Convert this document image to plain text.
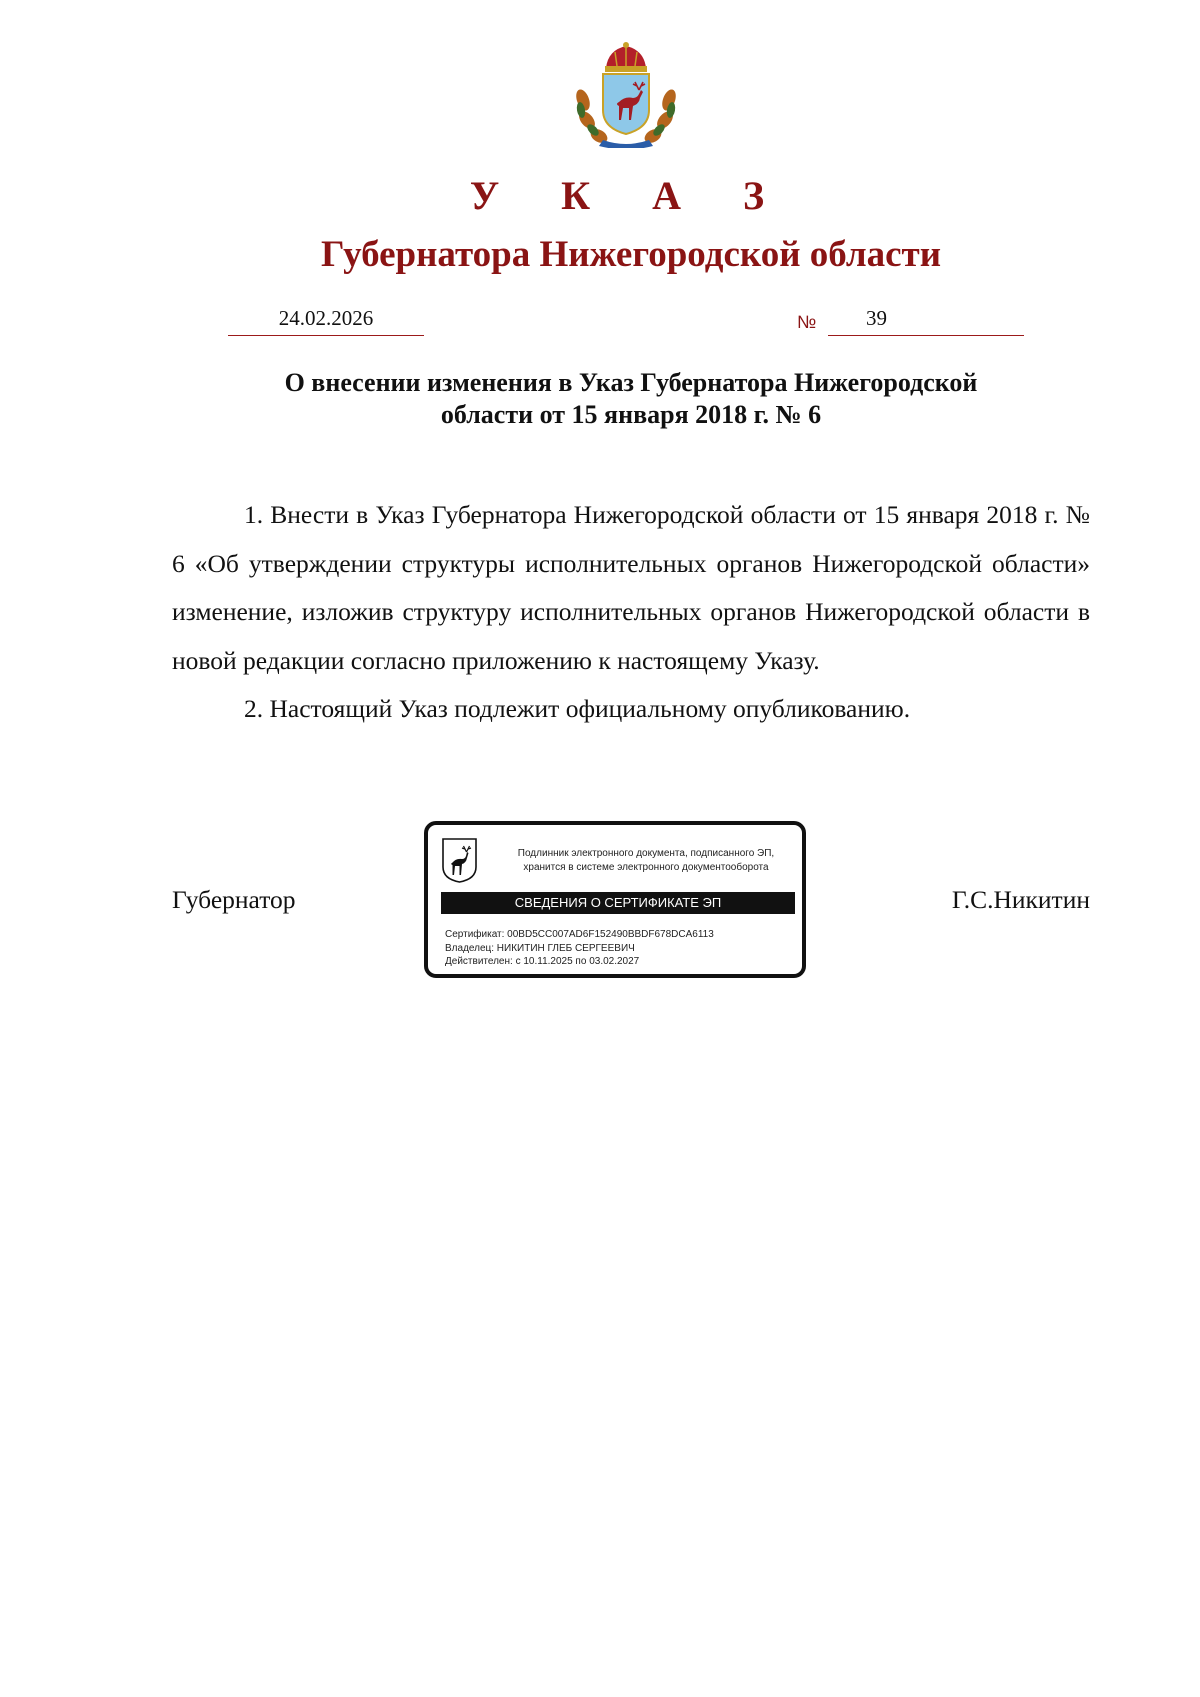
У К А З
Губернатора Нижегородской области
24.02.2026	№ 39
О внесении изменения в Указ Губернатора Нижегородской
области от 15 января 2018 г. № 6

1. Внести в Указ Губернатора Нижегородской области от 15 января 2018 г. № 6 «Об утверждении структуры исполнительных органов Нижегородской области» изменение, изложив структуру исполнительных органов Нижегородской области в новой редакции согласно приложению к настоящему Указу.

2. Настоящий Указ подлежит официальному опубликованию.

Губернатор	Г.С.Никитин
Подлинник электронного документа, подписанного ЭП,
хранится в системе электронного документооборота
СВЕДЕНИЯ О СЕРТИФИКАТЕ ЭП
Сертификат: 00BD5CC007AD6F152490BBDF678DCA6113
Владелец: НИКИТИН ГЛЕБ СЕРГЕЕВИЧ
Действителен: с 10.11.2025 по 03.02.2027
